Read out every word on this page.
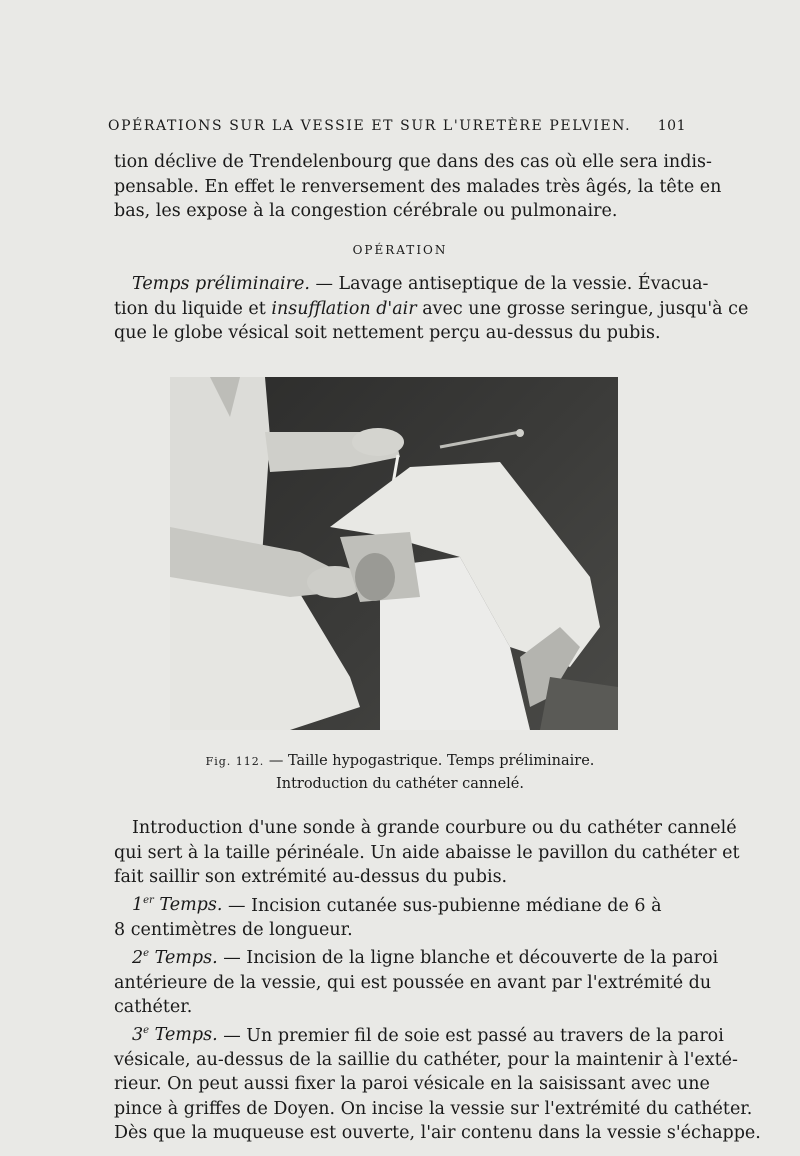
OPÉRATIONS SUR LA VESSIE ET SUR L'URETÈRE PELVIEN. 101
tion déclive de Trendelenbourg que dans des cas où elle sera indis-
pensable. En effet le renversement des malades très âgés, la tête en
bas, les expose à la congestion cérébrale ou pulmonaire.
OPÉRATION
Temps préliminaire. — Lavage antiseptique de la vessie. Évacua-
tion du liquide et insufflation d'air avec une grosse seringue, jusqu'à ce
que le globe vésical soit nettement perçu au-dessus du pubis.
Fig. 112. — Taille hypogastrique. Temps préliminaire.
Introduction du cathéter cannelé.
Introduction d'une sonde à grande courbure ou du cathéter cannelé
qui sert à la taille périnéale. Un aide abaisse le pavillon du cathéter et
fait saillir son extrémité au-dessus du pubis.
1er Temps. — Incision cutanée sus-pubienne médiane de 6 à
8 centimètres de longueur.
2e Temps. — Incision de la ligne blanche et découverte de la paroi
antérieure de la vessie, qui est poussée en avant par l'extrémité du
cathéter.
3e Temps. — Un premier fil de soie est passé au travers de la paroi
vésicale, au-dessus de la saillie du cathéter, pour la maintenir à l'exté-
rieur. On peut aussi fixer la paroi vésicale en la saisissant avec une
pince à griffes de Doyen. On incise la vessie sur l'extrémité du cathéter.
Dès que la muqueuse est ouverte, l'air contenu dans la vessie s'échappe.
